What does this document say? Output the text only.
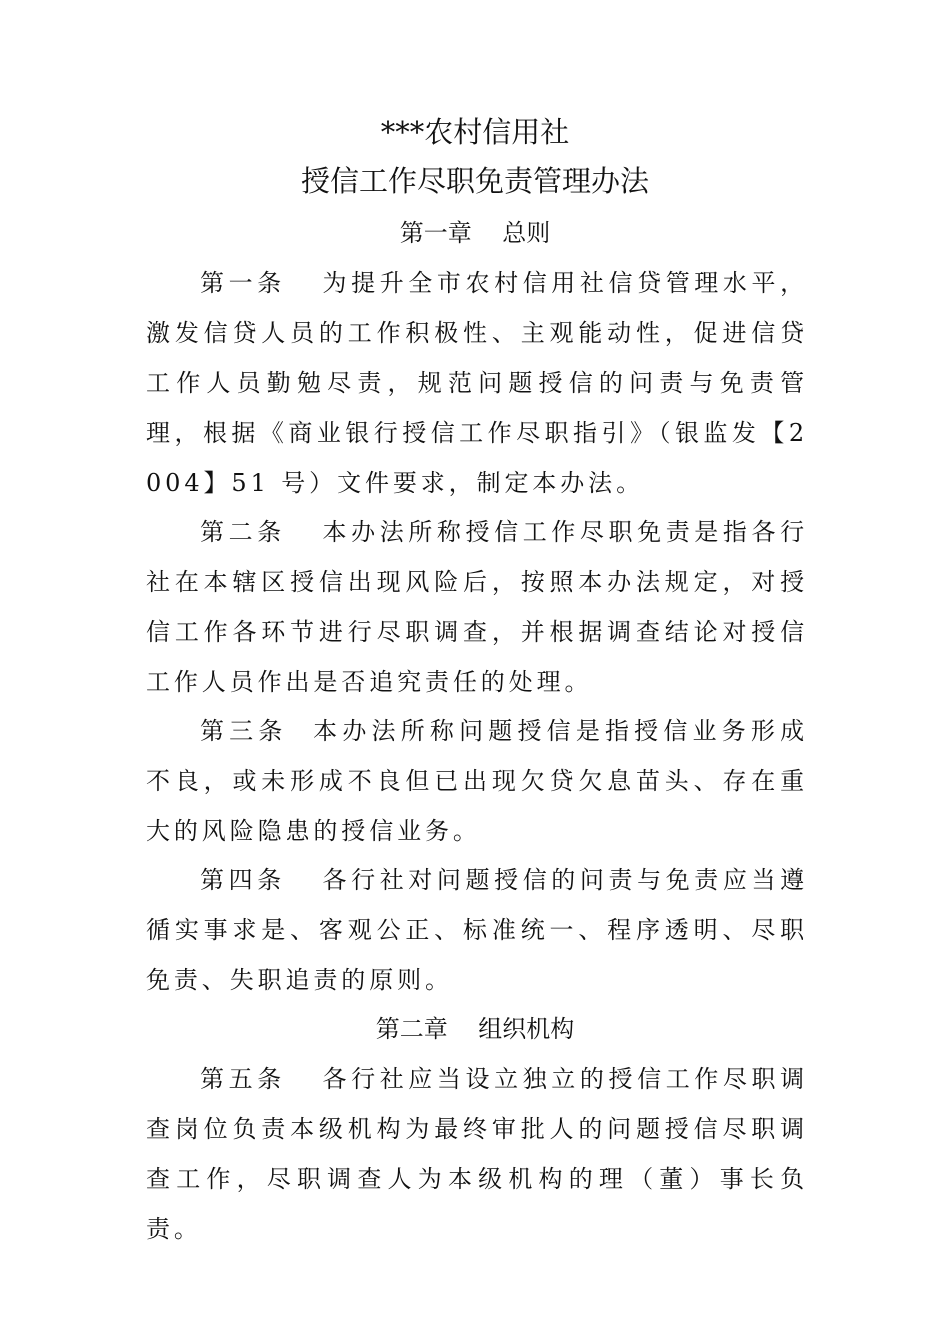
***农村信用社
授信工作尽职免责管理办法
第一章    总则
第一条   为提升全市农村信用社信贷管理水平，激发信贷人员的工作积极性、主观能动性，促进信贷工作人员勤勉尽责，规范问题授信的问责与免责管理，根据《商业银行授信工作尽职指引》（银监发【2004】51 号）文件要求，制定本办法。
第二条   本办法所称授信工作尽职免责是指各行社在本辖区授信出现风险后，按照本办法规定，对授信工作各环节进行尽职调查，并根据调查结论对授信工作人员作出是否追究责任的处理。
第三条  本办法所称问题授信是指授信业务形成不良，或未形成不良但已出现欠贷欠息苗头、存在重大的风险隐患的授信业务。
第四条   各行社对问题授信的问责与免责应当遵循实事求是、客观公正、标准统一、程序透明、尽职免责、失职追责的原则。
第二章    组织机构
第五条   各行社应当设立独立的授信工作尽职调查岗位负责本级机构为最终审批人的问题授信尽职调查工作，尽职调查人为本级机构的理（董）事长负责。
